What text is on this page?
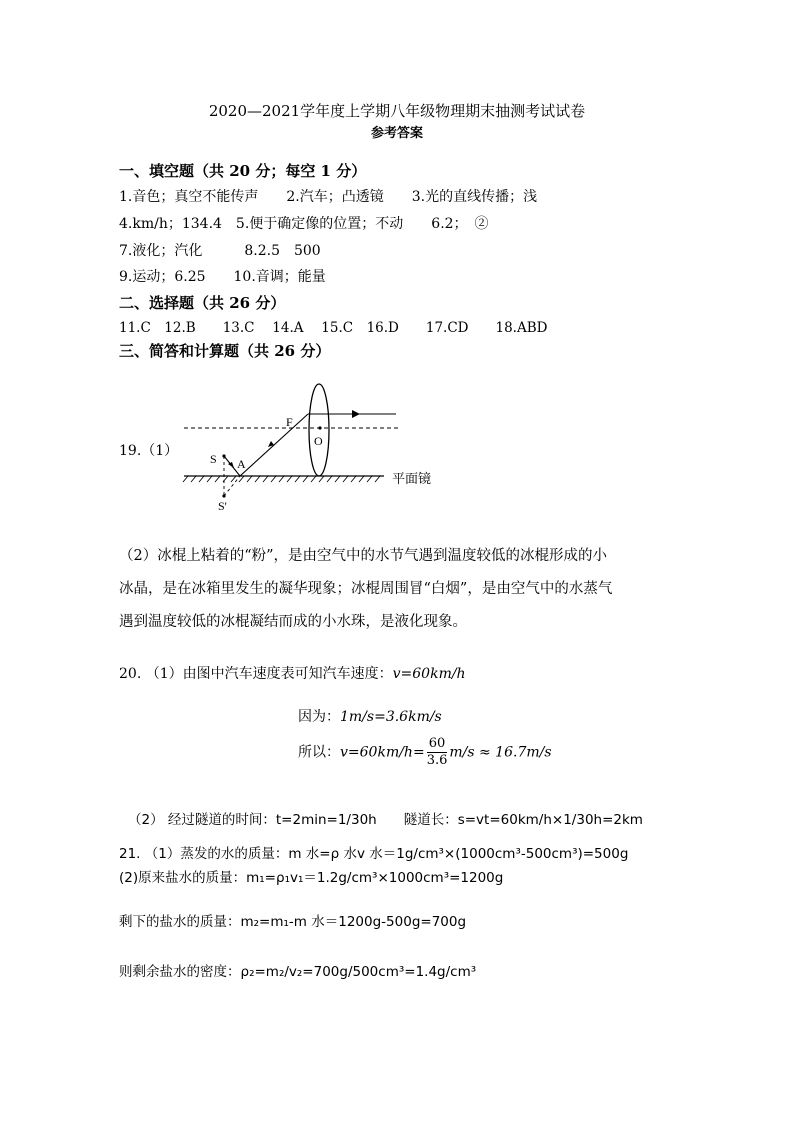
2020—2021学年度上学期八年级物理期末抽测考试试卷
参考答案
一、填空题（共 20 分；每空 1 分）
1.音色；真空不能传声　　2.汽车；凸透镜　　3.光的直线传播；浅
4.km/h；134.4　5.便于确定像的位置；不动　　6.2；　②
7.液化；汽化　　　8.2.5　500
9.运动；6.25　　10.音调；能量
二、选择题（共 26 分）
11.C　12.B　　13.C　 14.A　 15.C　16.D　　17.CD　　18.ABD
三、简答和计算题（共 26 分）
19.（1）	S A
F
O
S'
平面镜
（2）冰棍上粘着的“粉”，是由空气中的水节气遇到温度较低的冰棍形成的小
冰晶，是在冰箱里发生的凝华现象；冰棍周围冒“白烟”，是由空气中的水蒸气
遇到温度较低的冰棍凝结而成的小水珠，是液化现象。
20. （1）由图中汽车速度表可知汽车速度：v=60km/h
因为：1m/s=3.6km/s
所以：$v=60km/h= \frac{60}{3.6} m/s \approx 16.7m/s$
（2） 经过隧道的时间：t=2min=1/30h　　隧道长：s=vt=60km/h×1/30h=2km
21. （1）蒸发的水的质量：m 水=ρ 水v 水＝1g/cm³×(1000cm³-500cm³)=500g
(2)原来盐水的质量：m₁=ρ₁v₁＝1.2g/cm³×1000cm³=1200g
剩下的盐水的质量：m₂=m₁-m 水＝1200g-500g=700g
则剩余盐水的密度：ρ₂=m₂/v₂=700g/500cm³=1.4g/cm³
